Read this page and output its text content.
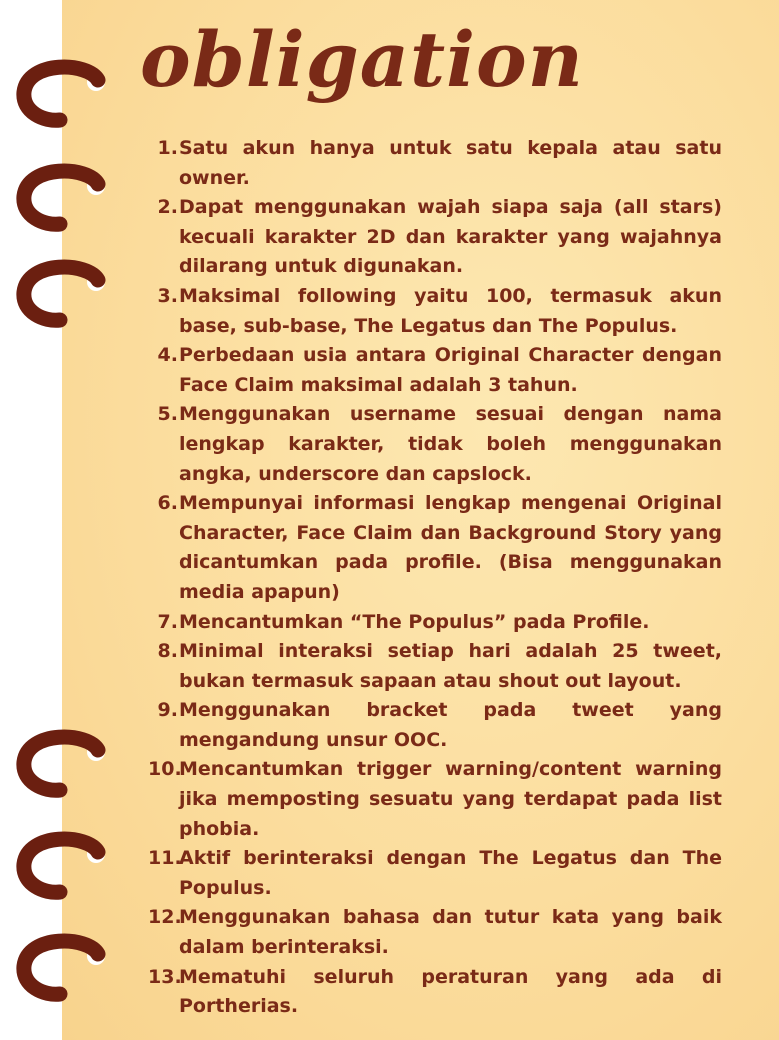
obligation
1. Satu akun hanya untuk satu kepala atau satu owner.
2. Dapat menggunakan wajah siapa saja (all stars) kecuali karakter 2D dan karakter yang wajahnya dilarang untuk digunakan.
3. Maksimal following yaitu 100, termasuk akun base, sub-base, The Legatus dan The Populus.
4. Perbedaan usia antara Original Character dengan Face Claim maksimal adalah 3 tahun.
5. Menggunakan username sesuai dengan nama lengkap karakter, tidak boleh menggunakan angka, underscore dan capslock.
6. Mempunyai informasi lengkap mengenai Original Character, Face Claim dan Background Story yang dicantumkan pada profile. (Bisa menggunakan media apapun)
7. Mencantumkan “The Populus” pada Profile.
8. Minimal interaksi setiap hari adalah 25 tweet, bukan termasuk sapaan atau shout out layout.
9. Menggunakan bracket pada tweet yang mengandung unsur OOC.
10.
Mencantumkan trigger warning/content warning jika memposting sesuatu yang terdapat pada list phobia.
11.
Aktif berinteraksi dengan The Legatus dan The Populus.
12.
Menggunakan bahasa dan tutur kata yang baik dalam berinteraksi.
13.
Mematuhi seluruh peraturan yang ada di Portherias.
